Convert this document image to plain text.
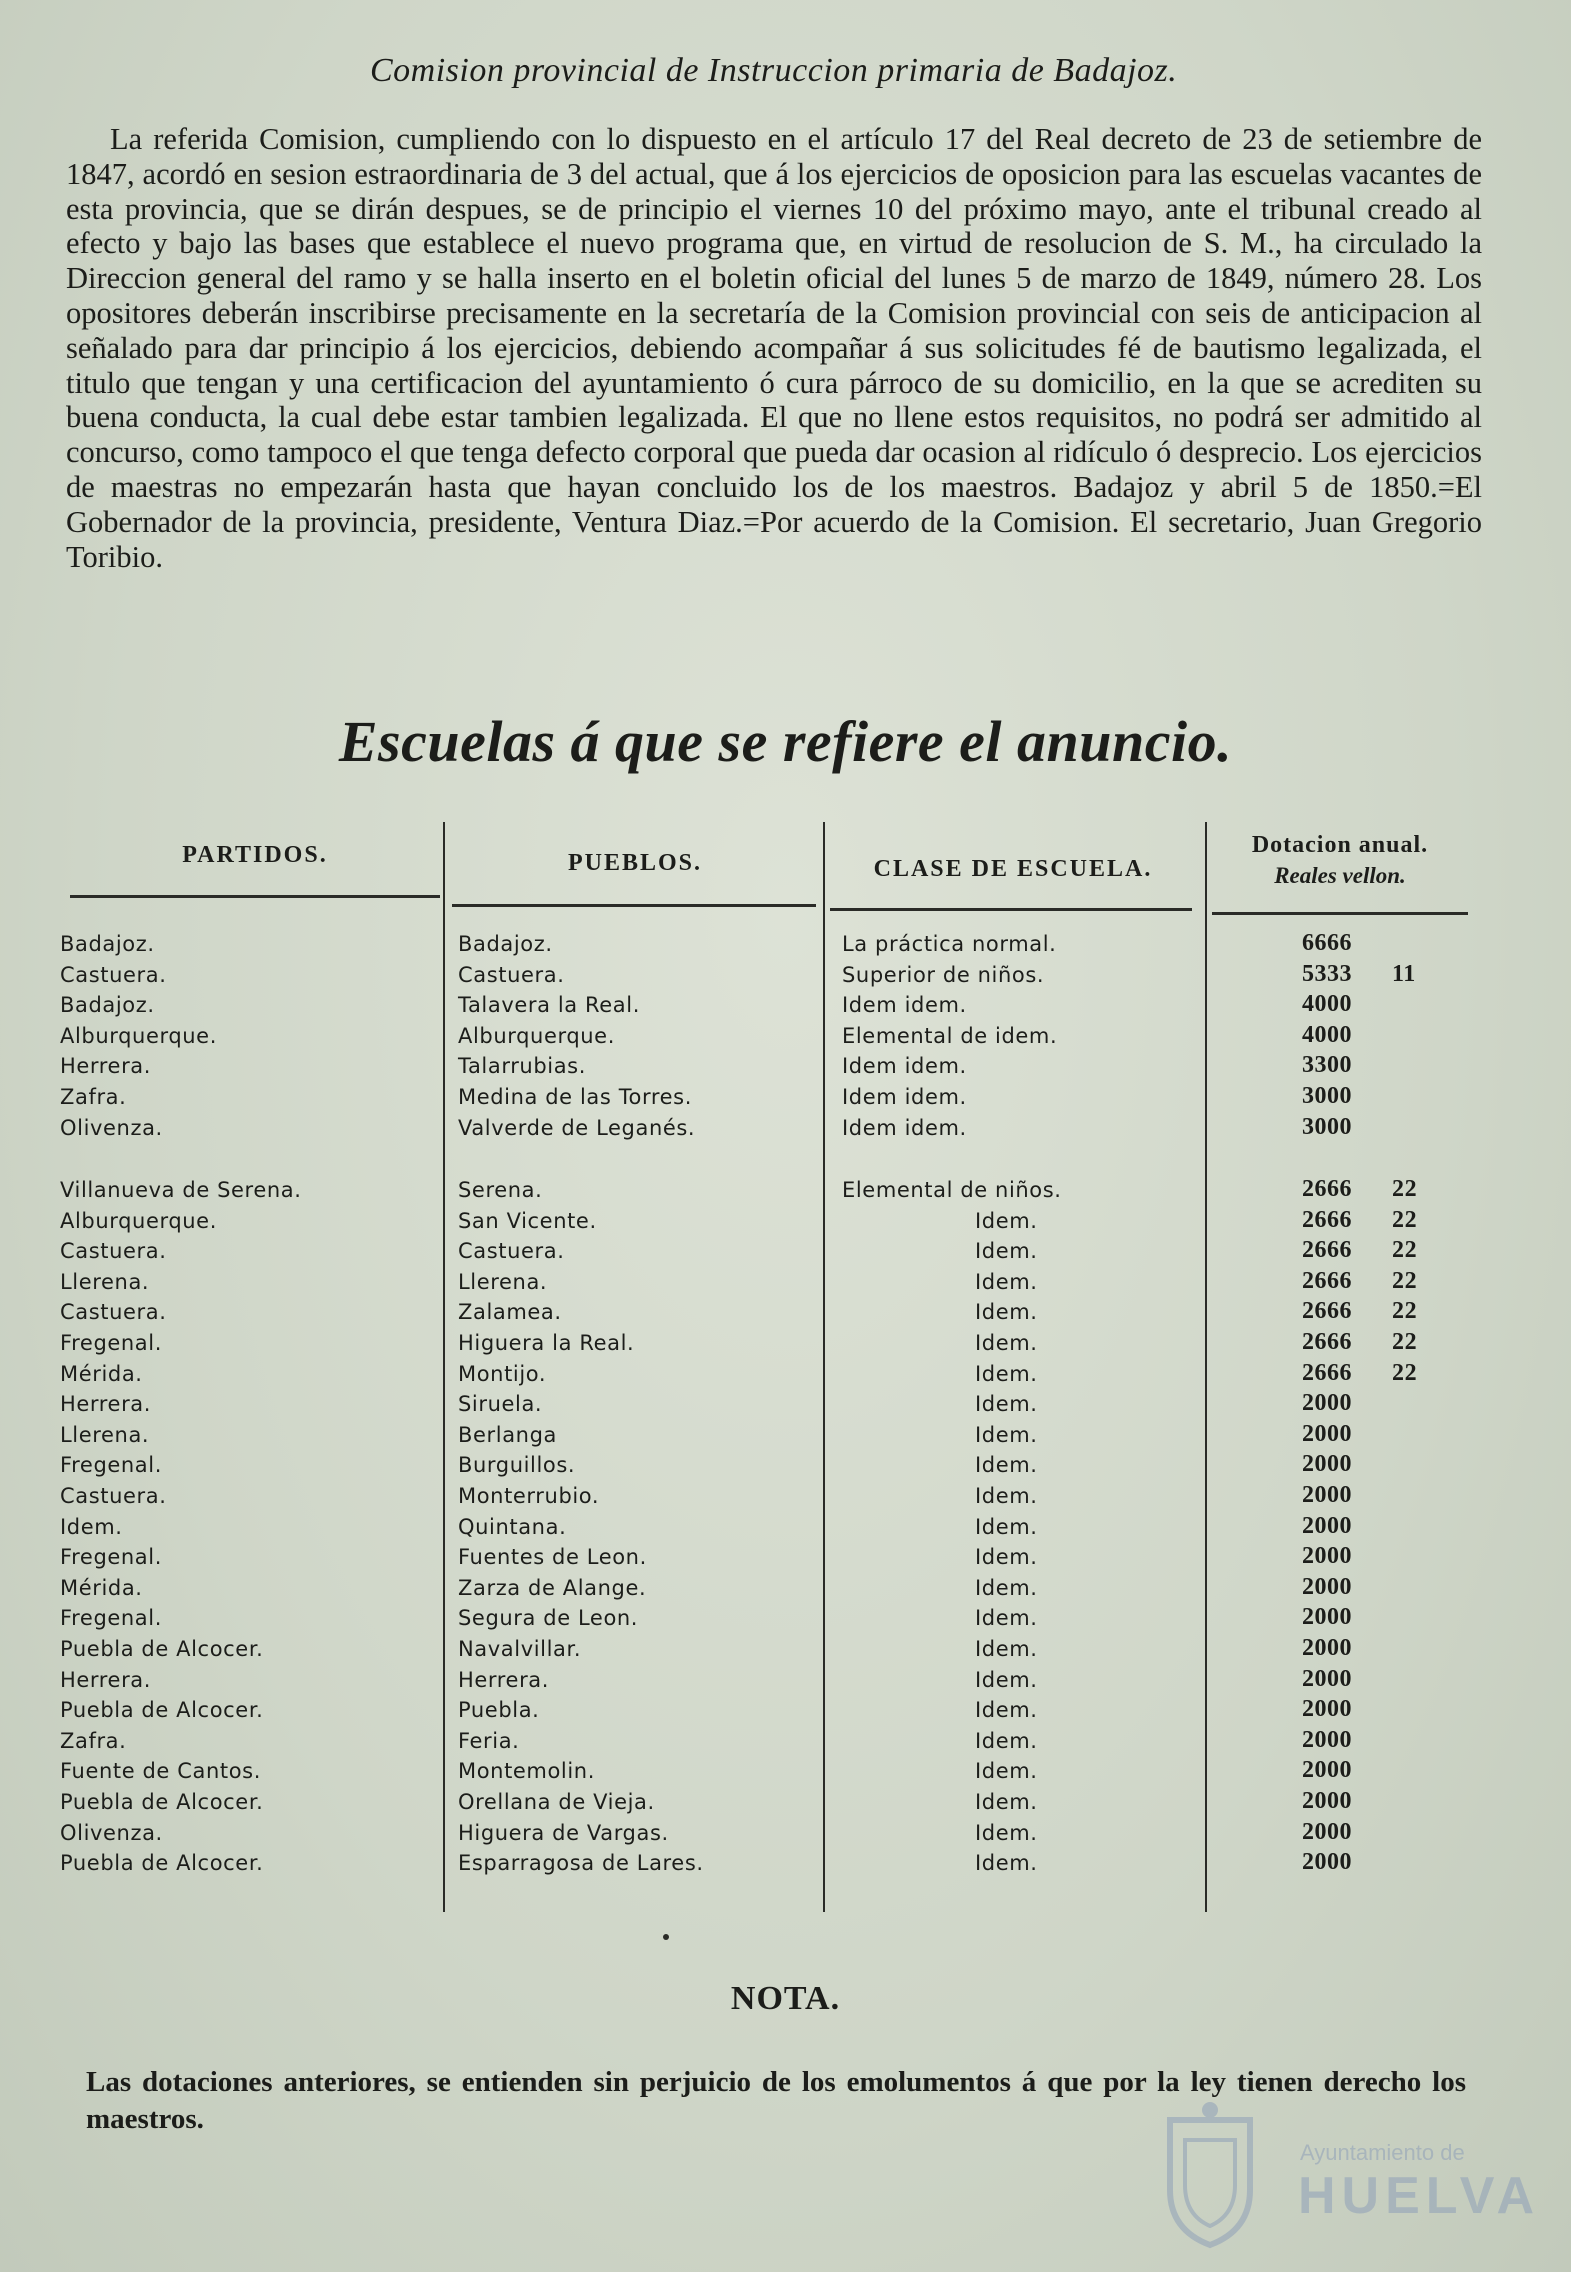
Comision provincial de Instruccion primaria de Badajoz.
La referida Comision, cumpliendo con lo dispuesto en el artículo 17 del Real decreto de 23 de setiembre de 1847, acordó en sesion estraordinaria de 3 del actual, que á los ejercicios de oposicion para las escuelas vacantes de esta provincia, que se dirán despues, se de principio el viernes 10 del próximo mayo, ante el tribunal creado al efecto y bajo las bases que establece el nuevo programa que, en virtud de resolucion de S. M., ha circulado la Direccion general del ramo y se halla inserto en el boletin oficial del lunes 5 de marzo de 1849, número 28. Los opositores deberán inscribirse precisamente en la secretaría de la Comision provincial con seis de anticipacion al señalado para dar principio á los ejercicios, debiendo acompañar á sus solicitudes fé de bautismo legalizada, el titulo que tengan y una certificacion del ayuntamiento ó cura párroco de su domicilio, en la que se acrediten su buena conducta, la cual debe estar tambien legalizada. El que no llene estos requisitos, no podrá ser admitido al concurso, como tampoco el que tenga defecto corporal que pueda dar ocasion al ridículo ó desprecio. Los ejercicios de maestras no empezarán hasta que hayan concluido los de los maestros. Badajoz y abril 5 de 1850.=El Gobernador de la provincia, presidente, Ventura Diaz.=Por acuerdo de la Comision. El secretario, Juan Gregorio Toribio.
Escuelas á que se refiere el anuncio.
PARTIDOS.	PUEBLOS.	CLASE DE ESCUELA.
Dotacion anual.
Reales vellon.
Badajoz.	Badajoz.	La práctica normal.	6666
Castuera.	Castuera.	Superior de niños.	5333 11
Badajoz.	Talavera la Real.	Idem idem.	4000
Alburquerque.	Alburquerque.	Elemental de idem.	4000
Herrera.	Talarrubias.	Idem idem.	3300
Zafra.	Medina de las Torres.	Idem idem.	3000
Olivenza.	Valverde de Leganés.	Idem idem.	3000
Villanueva de Serena.	Serena.	Elemental de niños.	2666 22
Alburquerque.	San Vicente.	Idem.	2666 22
Castuera.	Castuera.	Idem.	2666 22
Llerena.	Llerena.	Idem.	2666 22
Castuera.	Zalamea.	Idem.	2666 22
Fregenal.	Higuera la Real.	Idem.	2666 22
Mérida.	Montijo.	Idem.	2666 22
Herrera.	Siruela.	Idem.	2000
Llerena.	Berlanga	Idem.	2000
Fregenal.	Burguillos.	Idem.	2000
Castuera.	Monterrubio.	Idem.	2000
Idem.	Quintana.	Idem.	2000
Fregenal.	Fuentes de Leon.	Idem.	2000
Mérida.	Zarza de Alange.	Idem.	2000
Fregenal.	Segura de Leon.	Idem.	2000
Puebla de Alcocer.	Navalvillar.	Idem.	2000
Herrera.	Herrera.	Idem.	2000
Puebla de Alcocer.	Puebla.	Idem.	2000
Zafra.	Feria.	Idem.	2000
Fuente de Cantos.	Montemolin.	Idem.	2000
Puebla de Alcocer.	Orellana de Vieja.	Idem.	2000
Olivenza.	Higuera de Vargas.	Idem.	2000
Puebla de Alcocer.	Esparragosa de Lares.	Idem.	2000
NOTA.
Las dotaciones anteriores, se entienden sin perjuicio de los emolumentos á que por la ley tienen derecho los maestros.
Ayuntamiento de
HUELVA
